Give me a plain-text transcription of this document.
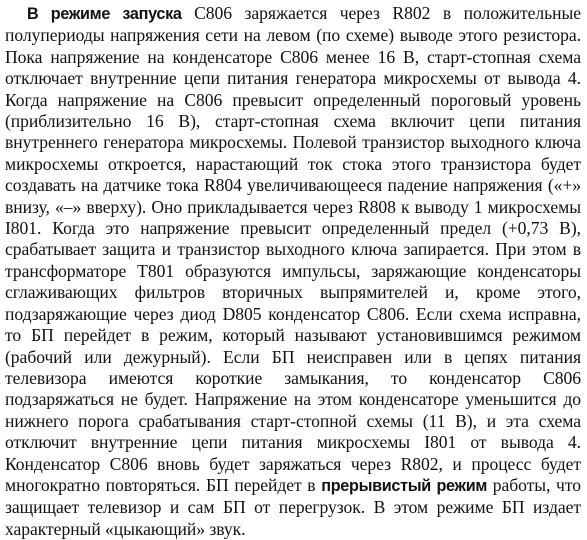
В режиме запуска С806 заряжается через R802 в положительные полупериоды напряжения сети на левом (по схеме) выводе этого резистора. Пока напряжение на конденсаторе С806 менее 16 В, старт-стопная схема отключает внутренние цепи питания генератора микросхемы от вывода 4. Когда напряжение на С806 превысит определенный пороговый уровень (приблизительно 16 В), старт-стопная схема включит цепи питания внутреннего генератора микросхемы. Полевой транзистор выходного ключа микросхемы откроется, нарастающий ток стока этого транзистора будет создавать на датчике тока R804 увеличивающееся падение напряжения («+» внизу, «–» вверху). Оно прикладывается через R808 к выводу 1 микросхемы I801. Когда это напряжение превысит определенный предел (+0,73 В), срабатывает защита и транзистор выходного ключа запирается. При этом в трансформаторе Т801 образуются импульсы, заряжающие конденсаторы сглаживающих фильтров вторичных выпрямителей и, кроме этого, подзаряжающие через диод D805 конденсатор С806. Если схема исправна, то БП перейдет в режим, который называют установившимся режимом (рабочий или дежурный). Если БП неисправен или в цепях питания телевизора имеются короткие замыкания, то конденсатор С806 подзаряжаться не будет. Напряжение на этом конденсаторе уменьшится до нижнего порога срабатывания старт-стопной схемы (11 В), и эта схема отключит внутренние цепи питания микросхемы I801 от вывода 4. Конденсатор С806 вновь будет заряжаться через R802, и процесс будет многократно повторяться. БП перейдет в прерывистый режим работы, что защищает телевизор и сам БП от перегрузок. В этом режиме БП издает характерный «цыкающий» звук.
